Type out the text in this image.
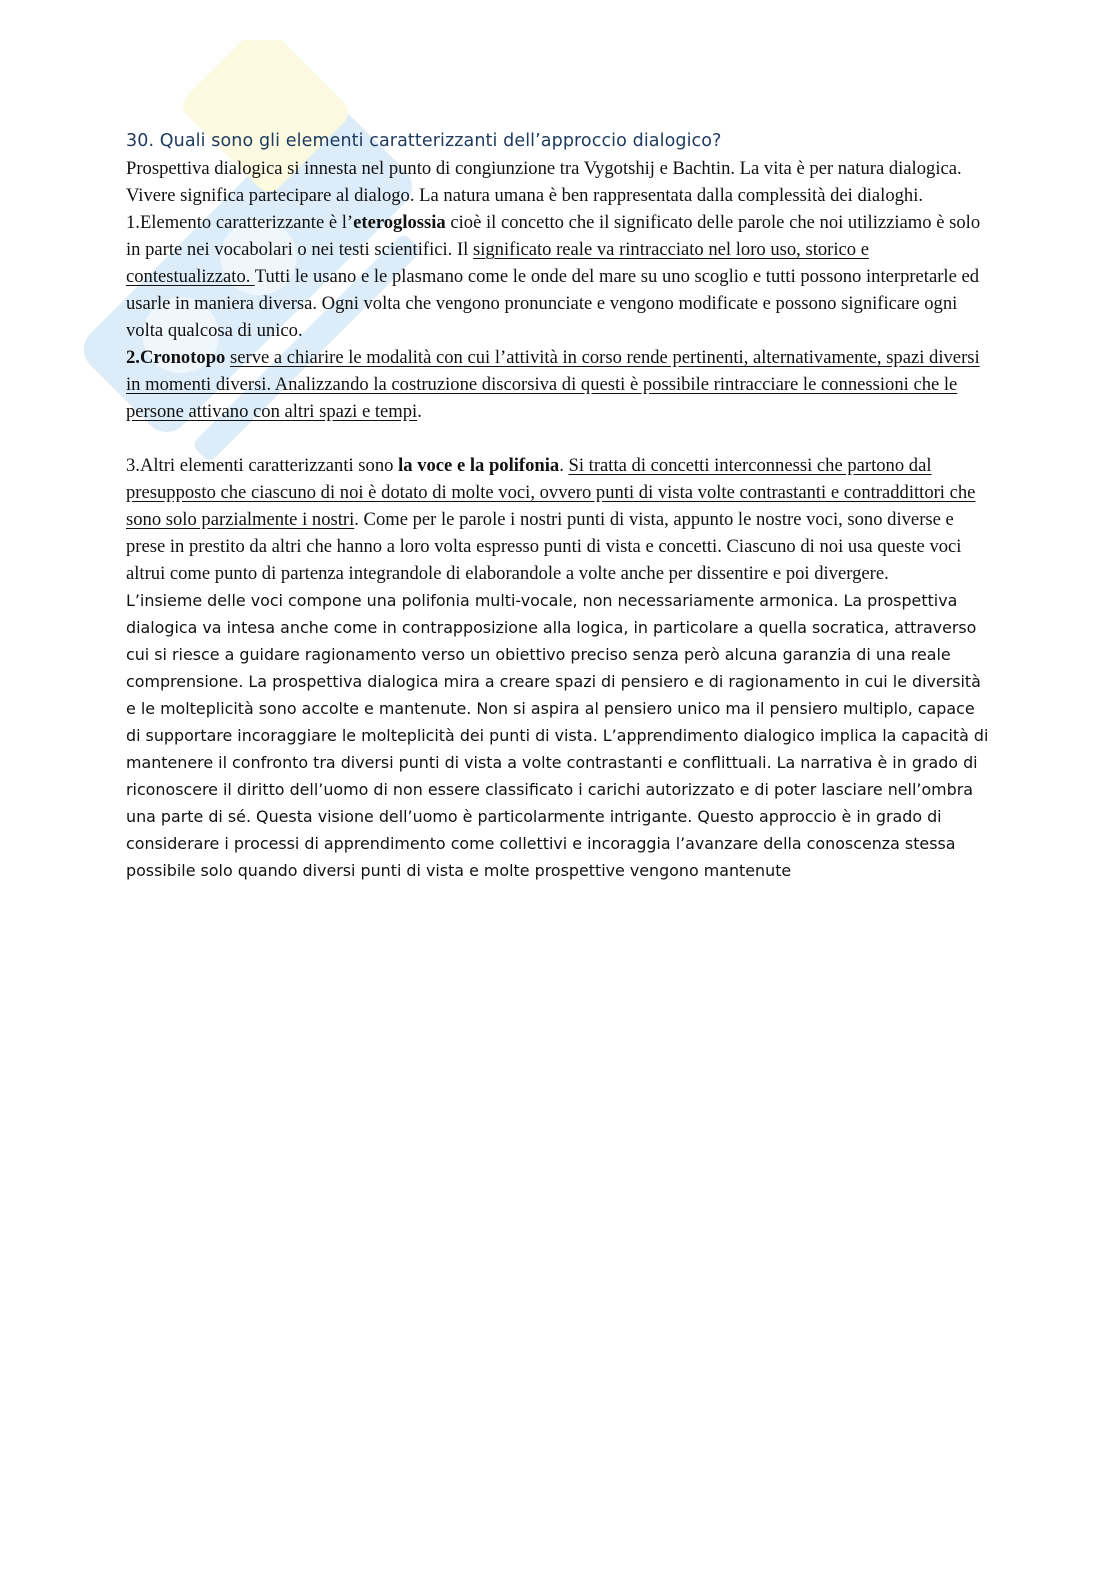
30. Quali sono gli elementi caratterizzanti dell’approccio dialogico?

Prospettiva dialogica si innesta nel punto di congiunzione tra Vygotshij e Bachtin. La vita è per natura dialogica. Vivere significa partecipare al dialogo. La natura umana è ben rappresentata dalla complessità dei dialoghi.

1.Elemento caratterizzante è l’eteroglossia cioè il concetto che il significato delle parole che noi utilizziamo è solo in parte nei vocabolari o nei testi scientifici. Il significato reale va rintracciato nel loro uso, storico e contestualizzato. Tutti le usano e le plasmano come le onde del mare su uno scoglio e tutti possono interpretarle ed usarle in maniera diversa. Ogni volta che vengono pronunciate e vengono modificate e possono significare ogni volta qualcosa di unico.

2.Cronotopo serve a chiarire le modalità con cui l’attività in corso rende pertinenti, alternativamente, spazi diversi in momenti diversi. Analizzando la costruzione discorsiva di questi è possibile rintracciare le connessioni che le persone attivano con altri spazi e tempi.

3.Altri elementi caratterizzanti sono la voce e la polifonia. Si tratta di concetti interconnessi che partono dal presupposto che ciascuno di noi è dotato di molte voci, ovvero punti di vista volte contrastanti e contraddittori che sono solo parzialmente i nostri. Come per le parole i nostri punti di vista, appunto le nostre voci, sono diverse e prese in prestito da altri che hanno a loro volta espresso punti di vista e concetti. Ciascuno di noi usa queste voci altrui come punto di partenza integrandole di elaborandole a volte anche per dissentire e poi divergere.

L’insieme delle voci compone una polifonia multi-vocale, non necessariamente armonica. La prospettiva dialogica va intesa anche come in contrapposizione alla logica, in particolare a quella socratica, attraverso cui si riesce a guidare ragionamento verso un obiettivo preciso senza però alcuna garanzia di una reale comprensione. La prospettiva dialogica mira a creare spazi di pensiero e di ragionamento in cui le diversità e le molteplicità sono accolte e mantenute. Non si aspira al pensiero unico ma il pensiero multiplo, capace di supportare incoraggiare le molteplicità dei punti di vista. L’apprendimento dialogico implica la capacità di mantenere il confronto tra diversi punti di vista a volte contrastanti e conflittuali. La narrativa è in grado di riconoscere il diritto dell’uomo di non essere classificato i carichi autorizzato e di poter lasciare nell’ombra una parte di sé. Questa visione dell’uomo è particolarmente intrigante. Questo approccio è in grado di considerare i processi di apprendimento come collettivi e incoraggia l’avanzare della conoscenza stessa possibile solo quando diversi punti di vista e molte prospettive vengono mantenute
